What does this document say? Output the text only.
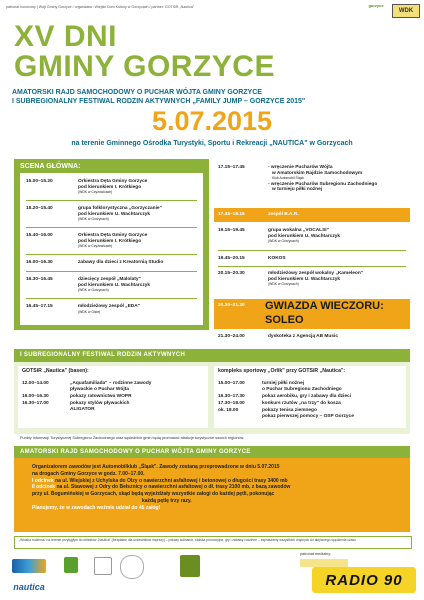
patronat honorowy | Wójt Gminy Gorzyce / organizator: Wiejski Dom Kultury w Gorzycach / partner: GOTSiR „Nautica"	gorzyce
WDK
XV DNI
GMINY GORZYCE
AMATORSKI RAJD SAMOCHODOWY O PUCHAR WÓJTA GMINY GORZYCE
I SUBREGIONALNY FESTIWAL RODZIN AKTYWNYCH „FAMILY JUMP – GORZYCE 2015"
5.07.2015
na terenie Gminnego Ośrodka Turystyki, Sportu i Rekreacji „NAUTICA" w Gorzycach
SCENA GŁÓWNA:
15.00–15.20	Orkiestra Dęta Gminy Gorzyce
pod kierunkiem I. Krótkiego
(WDK w Czyżowicach)
15.20–15.40	grupa folklorystyczna „Gorzyczanie"
pod kierunkiem U. Wachtarczyk
(WDK w Gorzycach)
15.40–16.00	Orkiestra Dęta Gminy Gorzyce
pod kierunkiem I. Krótkiego
(WDK w Czyżowicach)
16.00–16.30	zabawy dla dzieci z Kreatornią Studio
16.30–16.45	dziecięcy zespół „Malolaty"
pod kierunkiem U. Wachtarczyk
(WDK w Gorzycach)
16.45–17.15	młodzieżowy zespół „EDA"
(WDK w Olzie)
17.15–17.45	- wręczenie Pucharów Wójta
w Amatorskim Rajdzie Samochodowym

Klub Automobil Śląsk
- wręczenie Pucharów Subregionu Zachodniego
w turnieju piłki nożnej
17.45–19.15	zespół B.A.R.
19.15–19.45	grupa wokalna „VOCALSI"
pod kierunkiem U. Wachtarczyk
(WDK w Gorzycach)
19.45–20.15	KOKOS
20.15–20.30	młodzieżowy zespół wokalny „Kameleon"
pod kierunkiem U. Wachtarczyk
(WDK w Gorzycach)
20.30–21.30 GWIAZDA WIECZORU:
SOLEO
21.30–24.00	dyskoteka z Agencją AB Music
I SUBREGIONALNY FESTIWAL RODZIN AKTYWNYCH
GOTSiR „Nautica" (basen):
12.00–14.00	„Aquafamiliada" – rodzinne zawody
pływackie o Puchar Wójta
16.00–16.30	pokazy ratownictwa WOPR
16.30–17.00	pokazy stylów pływackich
ALIGATOR
kompleks sportowy „Orlik" przy GOTSiR „Nautica":
15.00–17.00	turniej piłki nożnej
o Puchar Subregionu Zachodniego
16.30–17.30	pokaz aerobiku, gry i zabawy dla dzieci
17.30–18.00	konkurs rzutów „na trzy" do kosza
ok. 18.00	pokazy tenisa ziemnego
pokaz pierwszej pomocy – OSP Gorzyce
Punkty Informacji Turystycznej Subregionu Zachodniego oraz sąsiednich gmin będą promować atrakcje turystyczne swoich regionów.
AMATORSKI RAJD SAMOCHODOWY O PUCHAR WÓJTA GMINY GORZYCE

Organizatorem zawodów jest Automobilklub „Śląsk". Zawody zostaną przeprowadzone w dniu 5.07.2015

na drogach Gminy Gorzyce w godz. 7.00–17.00.

I odcinek na ul. Wiejskiej z Uchylska do Olzy o nawierzchni asfaltowej i betonowej o długości trasy 3400 mb

II odcinek na ul. Stawowej z Odry do Bełsznicy o nawierzchni asfaltowej o dł. trasy 2100 mb, z bazą zawodów

przy ul. Bogumińskiej w Gorzycach, skąd będą wyjeżdżały wszystkie załogi do każdej pętli, pokonując

każdą pętlę trzy razy.

Planujemy, że w zawodach weźmie udział do 45 załóg!

„Wioska rodzinna" na terenie przylęgłym do obiektów „Nautica" (bezpłatne dla uczestników imprezy) – pokazy kulinarne, stoiska promocyjne, gry i zabawy rodzinne – zapraszamy wszystkich chętnych do aktywnego spędzenia czasu
nautica
patronat medialny:
RADIO 90
